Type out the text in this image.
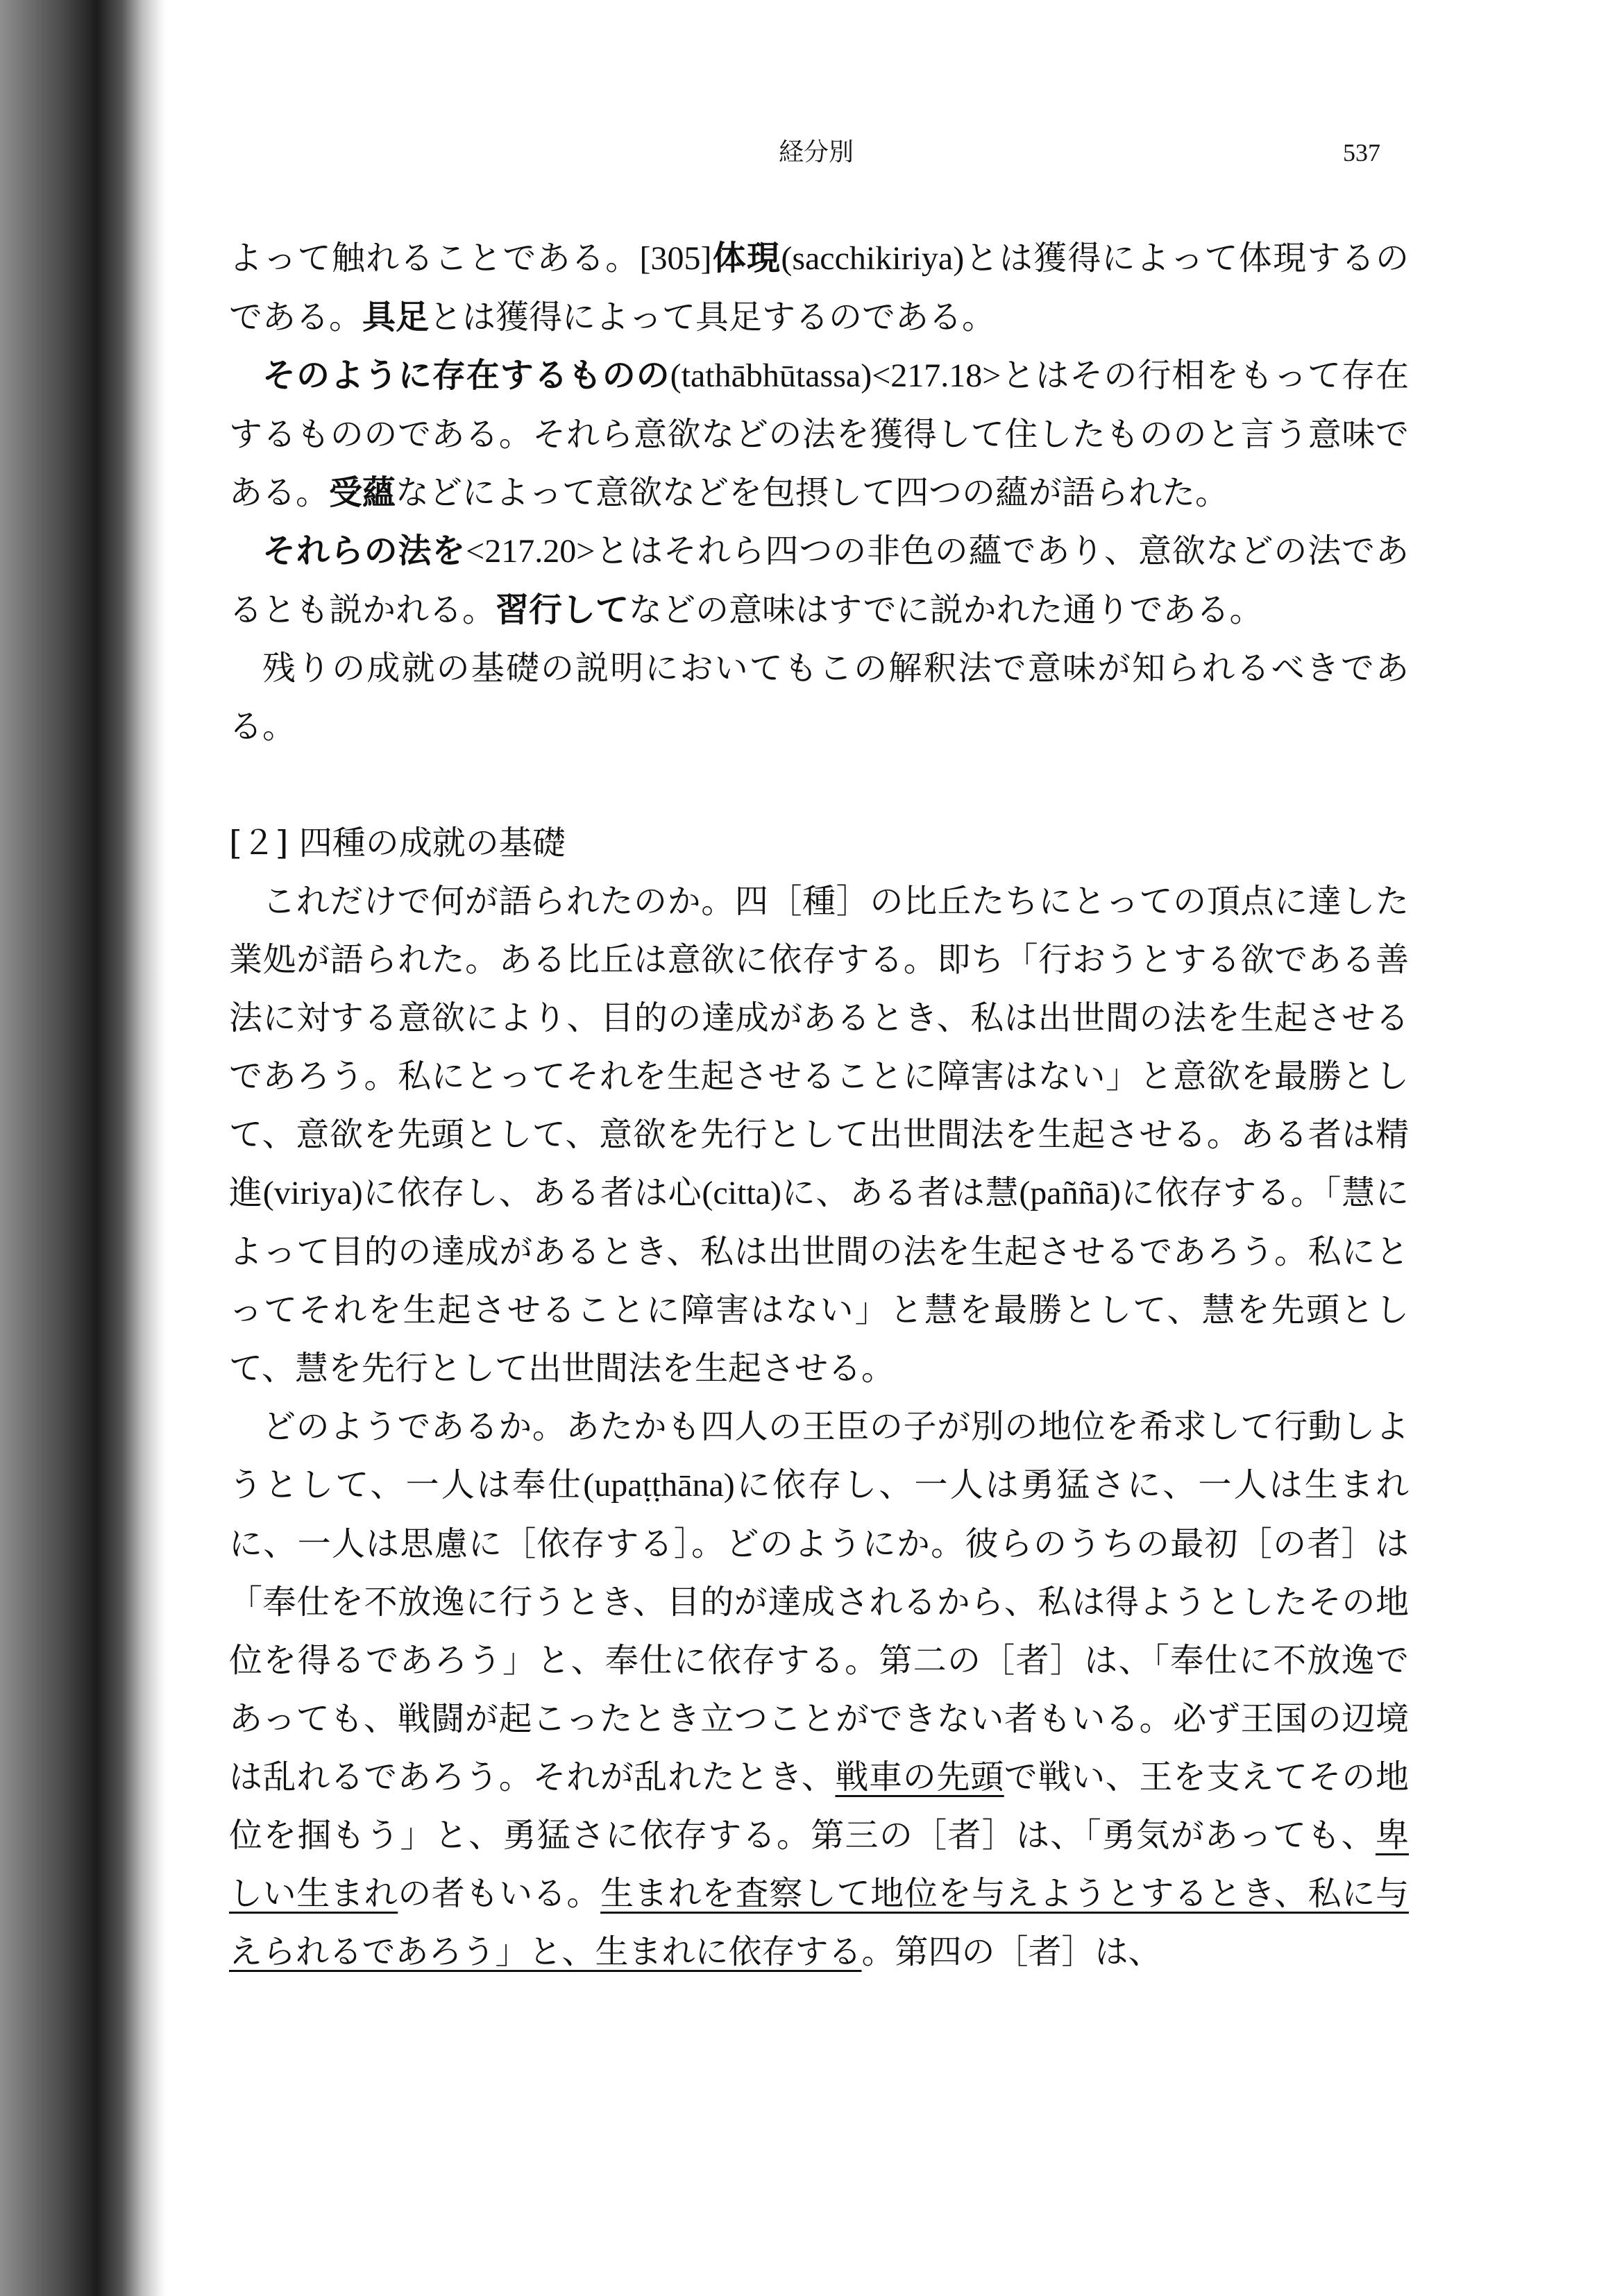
経分別	537

よって触れることである。[305]体現(sacchikiriya)とは獲得によって体現するのである。具足とは獲得によって具足するのである。

そのように存在するものの(tathābhūtassa)<217.18>とはその行相をもって存在するもののである。それら意欲などの法を獲得して住したもののと言う意味である。受蘊などによって意欲などを包摂して四つの蘊が語られた。

それらの法を<217.20>とはそれら四つの非色の蘊であり、意欲などの法であるとも説かれる。習行してなどの意味はすでに説かれた通りである。

残りの成就の基礎の説明においてもこの解釈法で意味が知られるべきである。

[２] 四種の成就の基礎

これだけで何が語られたのか。四［種］の比丘たちにとっての頂点に達した業処が語られた。ある比丘は意欲に依存する。即ち「行おうとする欲である善法に対する意欲により、目的の達成があるとき、私は出世間の法を生起させるであろう。私にとってそれを生起させることに障害はない」と意欲を最勝として、意欲を先頭として、意欲を先行として出世間法を生起させる。ある者は精進(viriya)に依存し、ある者は心(citta)に、ある者は慧(paññā)に依存する。「慧によって目的の達成があるとき、私は出世間の法を生起させるであろう。私にとってそれを生起させることに障害はない」と慧を最勝として、慧を先頭として、慧を先行として出世間法を生起させる。

どのようであるか。あたかも四人の王臣の子が別の地位を希求して行動しようとして、一人は奉仕(upaṭṭhāna)に依存し、一人は勇猛さに、一人は生まれに、一人は思慮に［依存する］。どのようにか。彼らのうちの最初［の者］は「奉仕を不放逸に行うとき、目的が達成されるから、私は得ようとしたその地位を得るであろう」と、奉仕に依存する。第二の［者］は、「奉仕に不放逸であっても、戦闘が起こったとき立つことができない者もいる。必ず王国の辺境は乱れるであろう。それが乱れたとき、戦車の先頭で戦い、王を支えてその地位を掴もう」と、勇猛さに依存する。第三の［者］は、「勇気があっても、卑しい生まれの者もいる。生まれを査察して地位を与えようとするとき、私に与えられるであろう」と、生まれに依存する。第四の［者］は、
